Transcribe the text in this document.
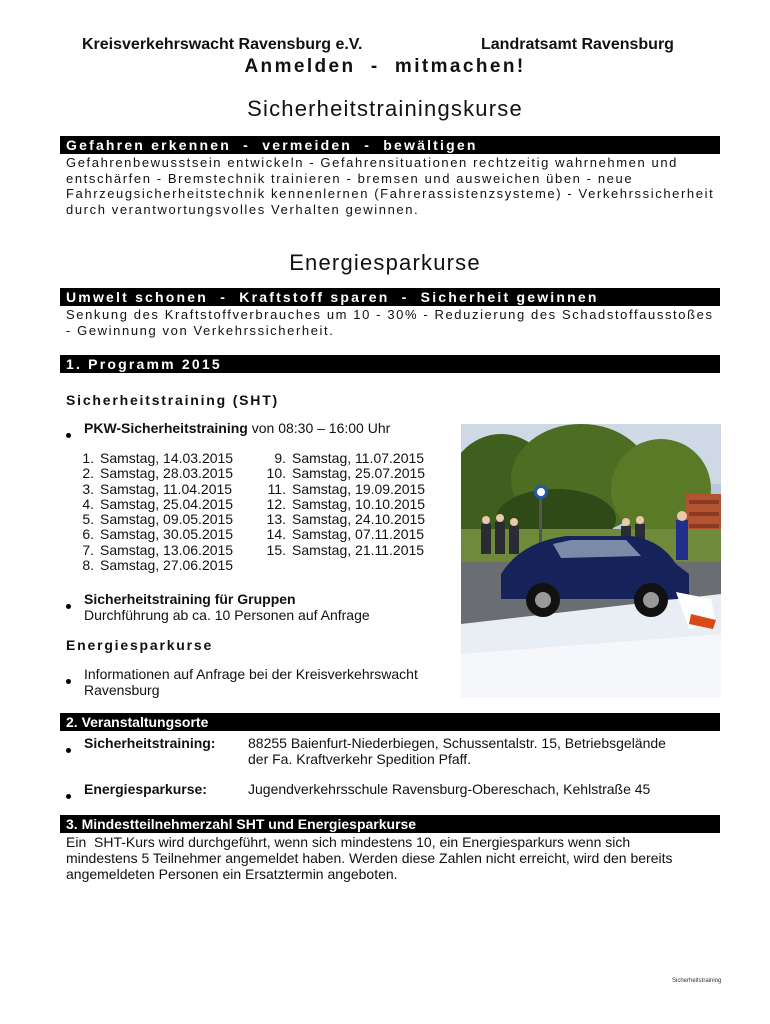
Kreisverkehrswacht Ravensburg e.V.	Landratsamt Ravensburg
Anmelden  -  mitmachen!
Sicherheitstrainingskurse
Gefahren erkennen  -  vermeiden  -  bewältigen
Gefahrenbewusstsein entwickeln - Gefahrensituationen rechtzeitig wahrnehmen und entschärfen - Bremstechnik trainieren - bremsen und ausweichen üben - neue Fahrzeugsicherheitstechnik kennenlernen (Fahrerassistenzsysteme) - Verkehrssicherheit durch verantwortungsvolles Verhalten gewinnen.
Energiesparkurse
Umwelt schonen  -  Kraftstoff sparen  -  Sicherheit gewinnen
Senkung des Kraftstoffverbrauches um 10 - 30% - Reduzierung des Schadstoffausstoßes - Gewinnung von Verkehrssicherheit.
1. Programm 2015
Sicherheitstraining (SHT)
PKW-Sicherheitstraining von 08:30 – 16:00 Uhr
1. Samstag, 14.03.2015
2. Samstag, 28.03.2015
3. Samstag, 11.04.2015
4. Samstag, 25.04.2015
5. Samstag, 09.05.2015
6. Samstag, 30.05.2015
7. Samstag, 13.06.2015
8. Samstag, 27.06.2015
9. Samstag, 11.07.2015
10. Samstag, 25.07.2015
11. Samstag, 19.09.2015
12. Samstag, 10.10.2015
13. Samstag, 24.10.2015
14. Samstag, 07.11.2015
15. Samstag, 21.11.2015
Sicherheitstraining für Gruppen
Durchführung ab ca. 10 Personen auf Anfrage
Energiesparkurse
Informationen auf Anfrage bei der Kreisverkehrswacht
Ravensburg
2. Veranstaltungsorte
Sicherheitstraining: 88255 Baienfurt-Niederbiegen, Schussentalstr. 15, Betriebsgelände
der Fa. Kraftverkehr Spedition Pfaff.
Energiesparkurse:	Jugendverkehrsschule Ravensburg-Obereschach, Kehlstraße 45
3. Mindestteilnehmerzahl SHT und Energiesparkurse
Ein  SHT-Kurs wird durchgeführt, wenn sich mindestens 10, ein Energiesparkurs wenn sich
mindestens 5 Teilnehmer angemeldet haben. Werden diese Zahlen nicht erreicht, wird den bereits
angemeldeten Personen ein Ersatztermin angeboten.
Sicherheitstraining
